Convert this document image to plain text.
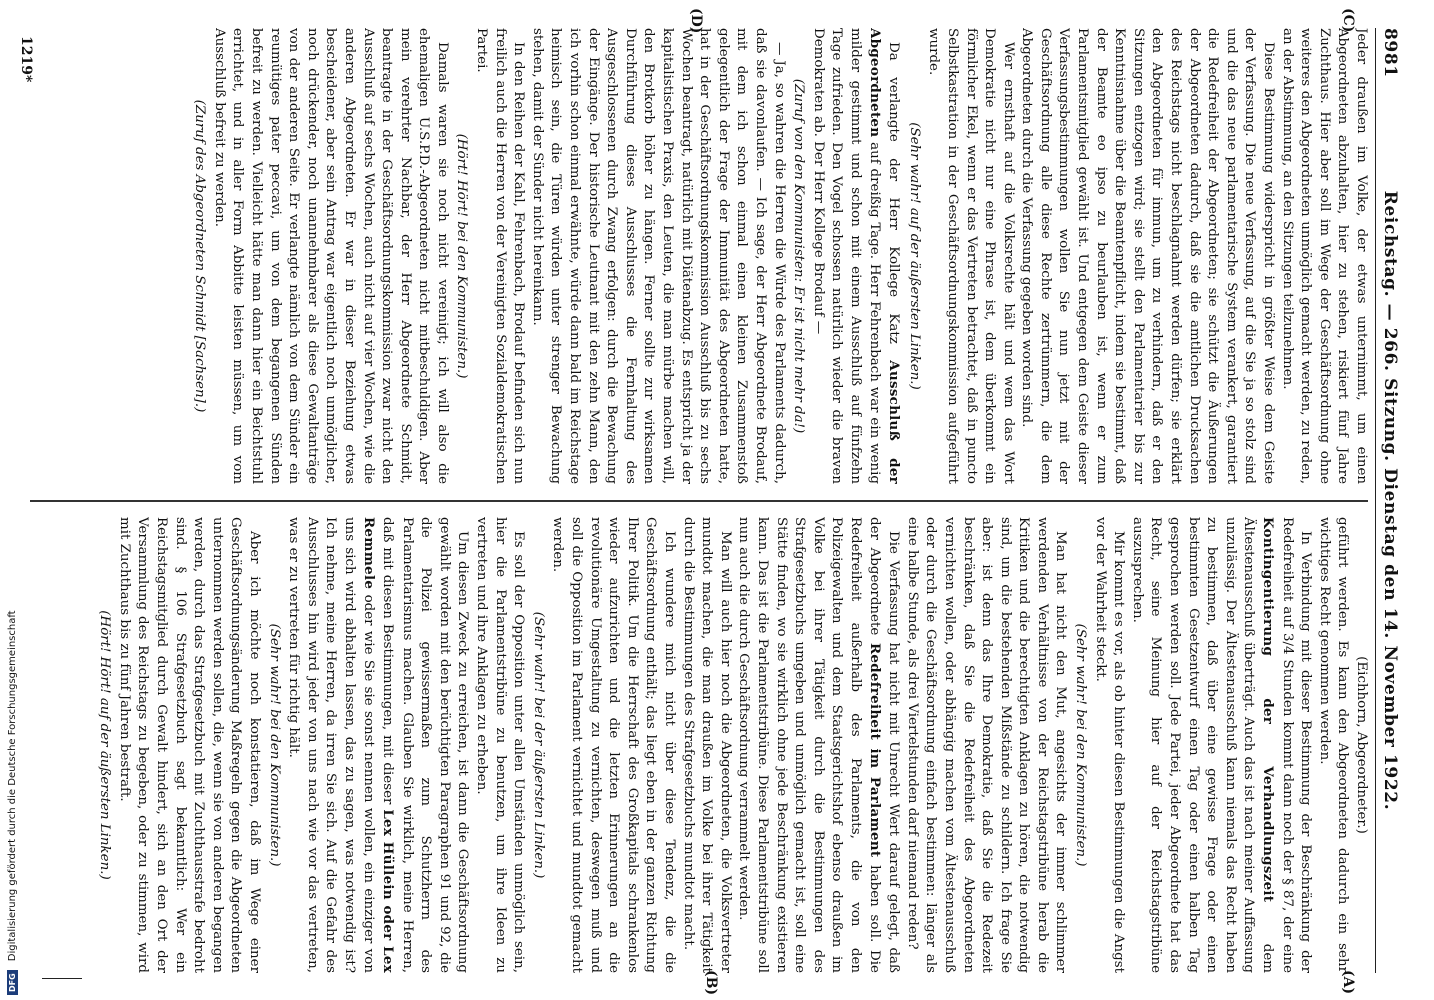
8981
Reichstag. — 266. Sitzung. Dienstag den 14. November 1922.
(C)
(D)
(A)
(B)

Jeder draußen im Volke, der etwas unternimmt, um einen Abgeordneten abzuhalten, hier zu stehen, riskiert fünf Jahre Zuchthaus. Hier aber soll im Wege der Geschäftsordnung ohne weiteres den Abgeordneten unmöglich gemacht werden, zu reden, an der Abstimmung, an den Sitzungen teilzunehmen.

Diese Bestimmung widerspricht in größter Weise dem Geiste der Verfassung. Die neue Verfassung, auf die Sie ja so stolz sind und die das neue parlamentarische System verankert, garantiert die Redefreiheit der Abgeordneten; sie schützt die Äußerungen der Abgeordneten dadurch, daß sie die amtlichen Drucksachen des Reichstags nicht beschlagnahmt werden dürfen; sie erklärt den Abgeordneten für immun, um zu verhindern, daß er den Sitzungen entzogen wird; sie stellt den Parlamentarier bis zur Kenntnisnahme über die Beamtenpflicht, indem sie bestimmt, daß der Beamte eo ipso zu beurlauben ist, wenn er zum Parlamentsmitglied gewählt ist. Und entgegen dem Geiste dieser Verfassungsbestimmungen wollen Sie nun jetzt mit der Geschäftsordnung alle diese Rechte zertrümmern, die dem Abgeordneten durch die Verfassung gegeben worden sind.

Wer ernsthaft auf die Volksrechte hält und wem das Wort Demokratie nicht nur eine Phrase ist, dem überkommt ein förmlicher Ekel, wenn er das Vertreten betrachtet, daß in puncto Selbstkastration in der Geschäftsordnungskommission aufgeführt wurde.

(Sehr wahr! auf der äußersten Linken.)

Da verlangte der Herr Kollege Katz Ausschluß der Abgeordneten auf dreißig Tage. Herr Fehrenbach war ein wenig milder gestimmt und schon mit einem Ausschluß auf fünfzehn Tage zufrieden. Den Vogel schossen natürlich wieder die braven Demokraten ab. Der Herr Kollege Brodauf —

(Zuruf von den Kommunisten: Er ist nicht mehr da!)

— Ja, so wahren die Herren die Würde des Parlaments dadurch, daß sie davonlaufen. — Ich sage, der Herr Abgeordnete Brodauf, mit dem ich schon einmal einen kleinen Zusammenstoß gelegentlich der Frage der Immunität des Abgeordneten hatte, hat in der Geschäftsordnungskommission Ausschluß bis zu sechs Wochen beantragt, natürlich mit Diätenabzug. Es entspricht ja der kapitalistischen Praxis, den Leuten, die man mürbe machen will, den Brotkorb höher zu hängen. Ferner sollte zur wirksamen Durchführung dieses Ausschlusses die Fernhaltung des Ausgeschlossenen durch Zwang erfolgen: durch die Bewachung der Eingänge. Der historische Leutnant mit den zehn Mann, den ich vorhin schon einmal erwähnte, würde dann bald im Reichstage heimisch sein, die Türen würden unter strenger Bewachung stehen, damit der Sünder nicht hereinkann.

In den Reihen der Kahl, Fehrenbach, Brodauf befinden sich nun freilich auch die Herren von der Vereinigten Sozialdemokratischen Partei.

(Hört! Hört! bei den Kommunisten.)

Damals waren sie noch nicht vereinigt; ich will also die ehemaligen U.S.P.D.-Abgeordneten nicht mitbeschuldigen. Aber mein verehrter Nachbar, der Herr Abgeordnete Schmidt, beantragte in der Geschäftsordnungskommission zwar nicht den Ausschluß auf sechs Wochen, auch nicht auf vier Wochen, wie die anderen Abgeordneten. Er war in dieser Beziehung etwas bescheidener, aber sein Antrag war eigentlich noch unmöglicher, noch drückender, noch unannehmbarer als diese Gewaltanträge von der anderen Seite. Er verlangte nämlich von dem Sünder ein reumütiges pater peccavi, um von dem begangenen Sünden befreit zu werden. Vielleicht hätte man dann hier ein Beichtstuhl errichtet, und in aller Form Abbitte leisten müssen, um vom Ausschluß befreit zu werden.

(Zuruf des Abgeordneten Schmidt [Sachsen].)

(Eichhorn, Abgeordneter.)

geführt werden. Es kann den Abgeordneten dadurch ein sehr wichtiges Recht genommen werden.

In Verbindung mit dieser Bestimmung der Beschränkung der Redefreiheit auf 3/4 Stunden kommt dann noch der § 87, der eine Kontingentierung der Verhandlungszeit dem Ältestenausschuß überträgt. Auch das ist nach meiner Auffassung unzulässig. Der Ältestenausschuß kann niemals das Recht haben zu bestimmen, daß über eine gewisse Frage oder einen bestimmten Gesetzentwurf einen Tag oder einen halben Tag gesprochen werden soll. Jede Partei, jeder Abgeordnete hat das Recht, seine Meinung hier auf der Reichstagstribüne auszusprechen.

Mir kommt es vor, als ob hinter diesen Bestimmungen die Angst vor der Wahrheit steckt.

(Sehr wahr! bei den Kommunisten.)

Man hat nicht den Mut, angesichts der immer schlimmer werdenden Verhältnisse von der Reichstagstribüne herab die Kritiken und die berechtigten Anklagen zu hören, die notwendig sind, um die bestehenden Mißstände zu schildern. Ich frage Sie aber: ist denn das Ihre Demokratie, daß Sie die Redezeit beschränken, daß Sie die Redefreiheit des Abgeordneten vernichten wollen, oder abhängig machen vom Ältestenausschuß oder durch die Geschäftsordnung einfach bestimmen: länger als eine halbe Stunde, als drei Viertelstunden darf niemand reden?

Die Verfassung hat nicht mit Unrecht Wert darauf gelegt, daß der Abgeordnete Redefreiheit im Parlament haben soll. Die Redefreiheit außerhalb des Parlaments, die von den Polizeigewalten und dem Staatsgerichtshof ebenso draußen im Volke bei ihrer Tätigkeit durch die Bestimmungen des Strafgesetzbuchs umgeben und unmöglich gemacht ist, soll eine Stätte finden, wo sie wirklich ohne jede Beschränkung existieren kann. Das ist die Parlamentstribüne. Diese Parlamentstribüne soll nun auch die durch Geschäftsordnung verrammelt werden.

Man will auch hier noch die Abgeordneten, die Volksvertreter mundtot machen, die man draußen im Volke bei ihrer Tätigkeit durch die Bestimmungen des Strafgesetzbuchs mundtot macht.

Ich wundere mich nicht über diese Tendenz, die die Geschäftsordnung enthält; das liegt eben in der ganzen Richtung Ihrer Politik. Um die Herrschaft des Großkapitals schrankenlos wieder aufzurichten und die letzten Erinnerungen an die revolutionäre Umgestaltung zu vernichten, deswegen muß und soll die Opposition im Parlament vernichtet und mundtot gemacht werden.

(Sehr wahr! bei der äußersten Linken.)

Es soll der Opposition unter allen Umständen unmöglich sein, hier die Parlamentstribüne zu benutzen, um ihre Ideen zu vertreten und ihre Anklagen zu erheben.

Um diesen Zweck zu erreichen, ist dann die Geschäftsordnung gewählt worden mit den berüchtigten Paragraphen 91 und 92, die die Polizei gewissermaßen zum Schutzherrn des Parlamentarismus machen. Glauben Sie wirklich, meine Herren, daß mit diesen Bestimmungen, mit dieser Lex Hüllein oder Lex Remmele oder wie Sie sie sonst nennen wollen, ein einziger von uns sich wird abhalten lassen, das zu sagen, was notwendig ist? Ich nehme, meine Herren, da irren Sie sich. Auf die Gefahr des Ausschlusses hin wird jeder von uns nach wie vor das vertreten, was er zu vertreten für richtig hält.

(Sehr wahr! bei den Kommunisten.)

Aber ich möchte noch konstatieren, daß im Wege einer Geschäftsordnungsänderung Maßregeln gegen die Abgeordneten unternommen werden sollen, die, wenn sie von anderen begangen werden, durch das Strafgesetzbuch mit Zuchthausstrafe bedroht sind. § 106 Strafgesetzbuch sagt bekanntlich: Wer ein Reichstagsmitglied durch Gewalt hindert, sich an den Ort der Versammlung des Reichstags zu begeben, oder zu stimmen, wird mit Zuchthaus bis zu fünf Jahren bestraft.

(Hört! Hört! auf der äußersten Linken.)

1219*
DFG Digitalisierung gefördert durch die Deutsche Forschungsgemeinschaft
